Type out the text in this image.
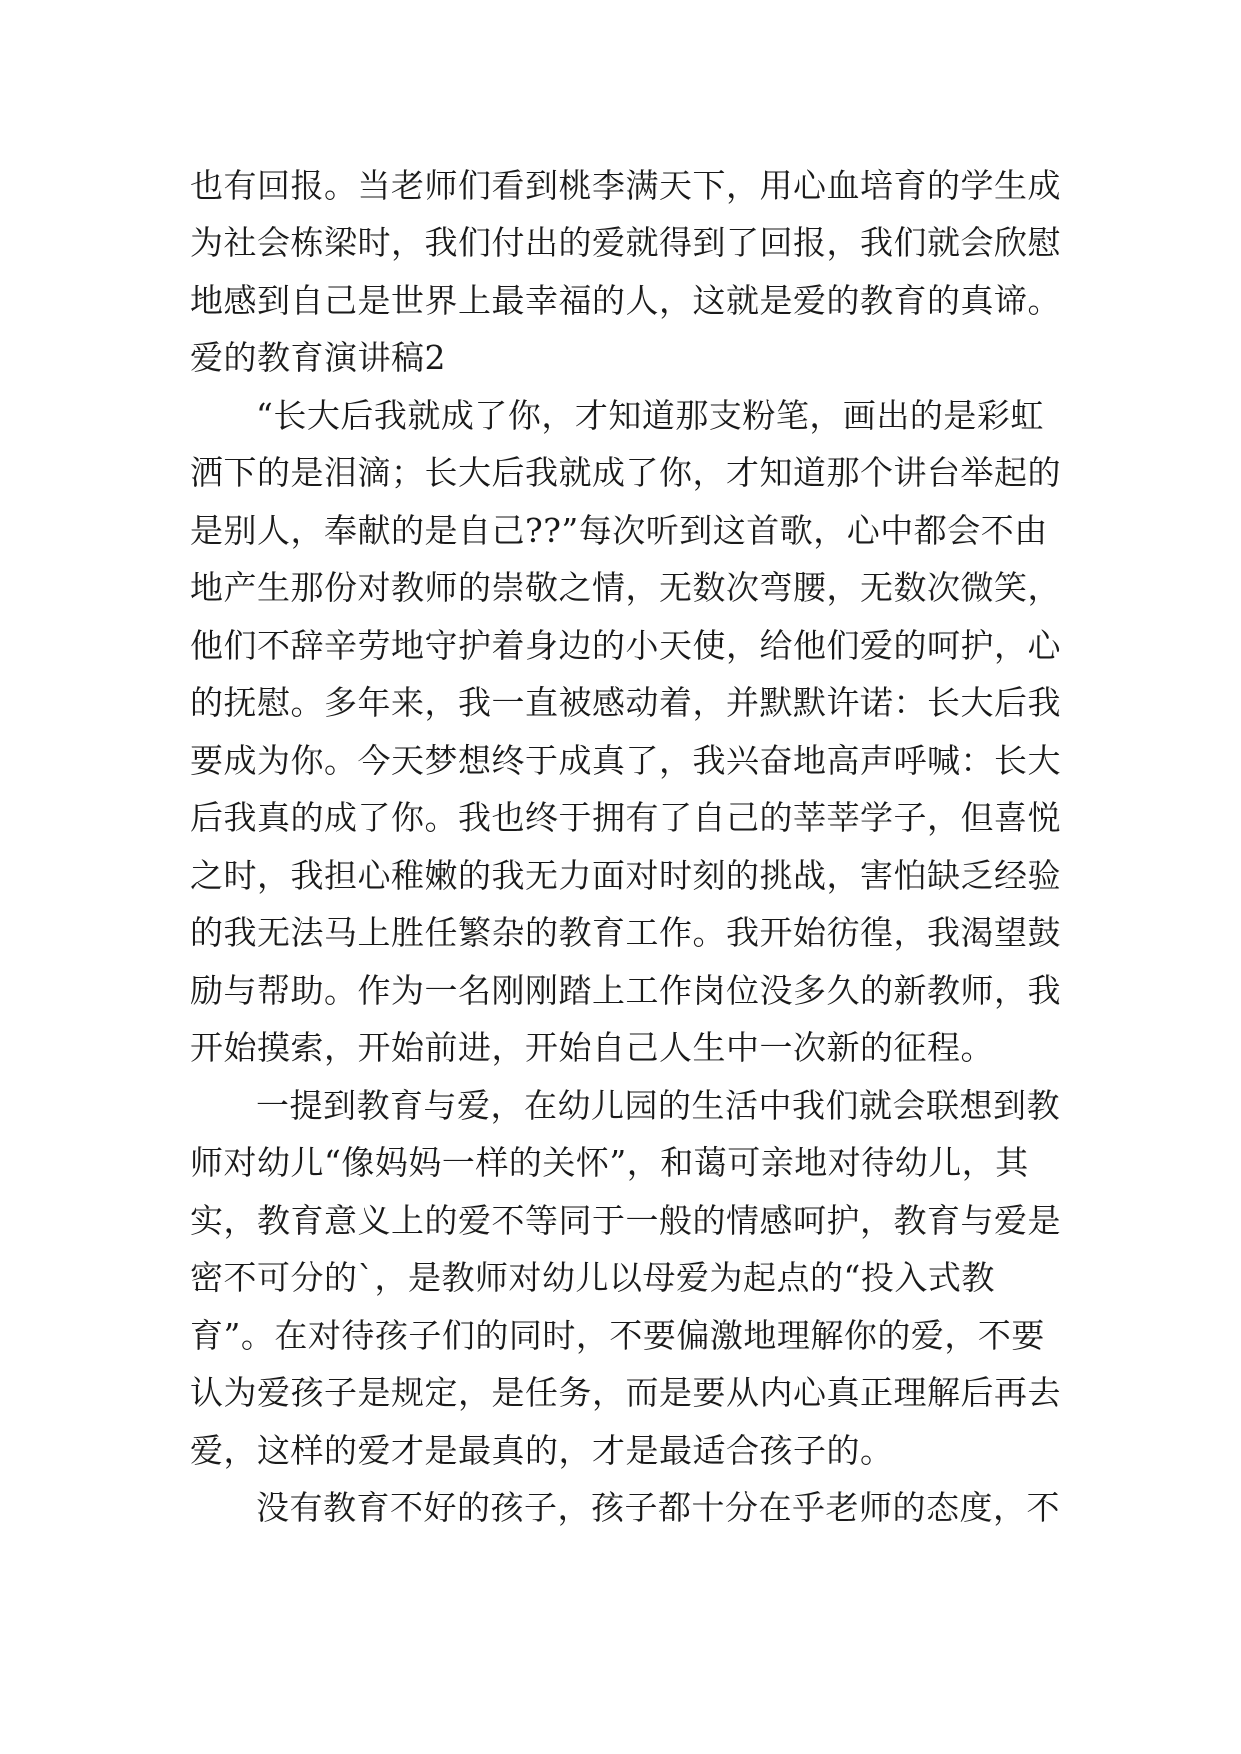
也有回报。当老师们看到桃李满天下，用心血培育的学生成
为社会栋梁时，我们付出的爱就得到了回报，我们就会欣慰
地感到自己是世界上最幸福的人，这就是爱的教育的真谛。
爱的教育演讲稿2
“长大后我就成了你，才知道那支粉笔，画出的是彩虹
洒下的是泪滴；长大后我就成了你，才知道那个讲台举起的
是别人，奉献的是自己??”每次听到这首歌，心中都会不由
地产生那份对教师的崇敬之情，无数次弯腰，无数次微笑，
他们不辞辛劳地守护着身边的小天使，给他们爱的呵护，心
的抚慰。多年来，我一直被感动着，并默默许诺：长大后我
要成为你。今天梦想终于成真了，我兴奋地高声呼喊：长大
后我真的成了你。我也终于拥有了自己的莘莘学子，但喜悦
之时，我担心稚嫩的我无力面对时刻的挑战，害怕缺乏经验
的我无法马上胜任繁杂的教育工作。我开始彷徨，我渴望鼓
励与帮助。作为一名刚刚踏上工作岗位没多久的新教师，我
开始摸索，开始前进，开始自己人生中一次新的征程。
一提到教育与爱，在幼儿园的生活中我们就会联想到教
师对幼儿“像妈妈一样的关怀”，和蔼可亲地对待幼儿，其
实，教育意义上的爱不等同于一般的情感呵护，教育与爱是
密不可分的`，是教师对幼儿以母爱为起点的“投入式教
育”。在对待孩子们的同时，不要偏激地理解你的爱，不要
认为爱孩子是规定，是任务，而是要从内心真正理解后再去
爱，这样的爱才是最真的，才是最适合孩子的。
没有教育不好的孩子，孩子都十分在乎老师的态度，不
